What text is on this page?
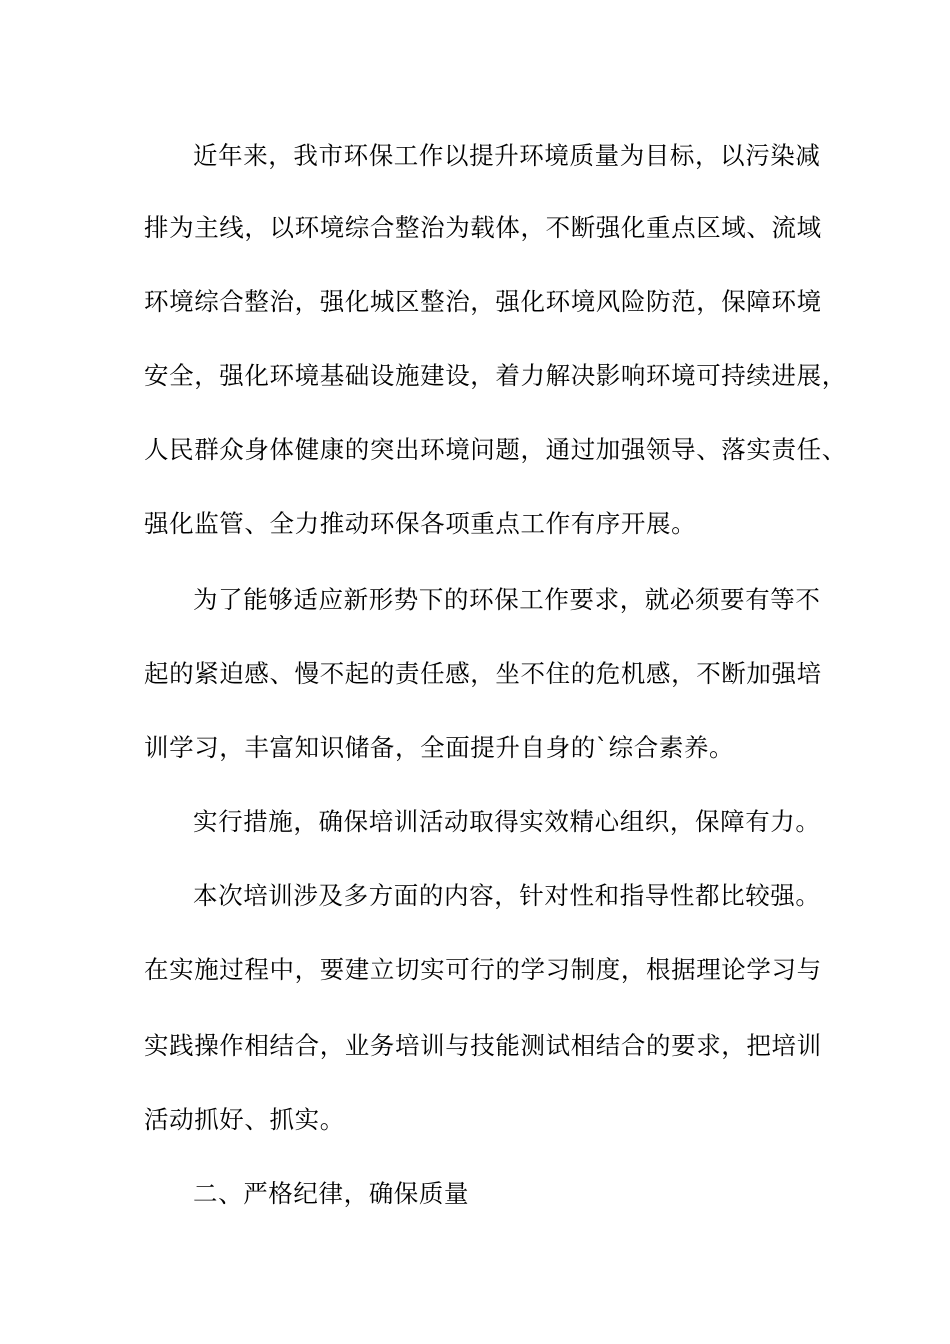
近年来，我市环保工作以提升环境质量为目标，以污染减
排为主线，以环境综合整治为载体，不断强化重点区域、流域
环境综合整治，强化城区整治，强化环境风险防范，保障环境
安全，强化环境基础设施建设，着力解决影响环境可持续进展，
人民群众身体健康的突出环境问题，通过加强领导、落实责任、
强化监管、全力推动环保各项重点工作有序开展。
为了能够适应新形势下的环保工作要求，就必须要有等不
起的紧迫感、慢不起的责任感，坐不住的危机感，不断加强培
训学习，丰富知识储备，全面提升自身的`综合素养。
实行措施，确保培训活动取得实效精心组织，保障有力。
本次培训涉及多方面的内容，针对性和指导性都比较强。
在实施过程中，要建立切实可行的学习制度，根据理论学习与
实践操作相结合，业务培训与技能测试相结合的要求，把培训
活动抓好、抓实。
二、严格纪律，确保质量
